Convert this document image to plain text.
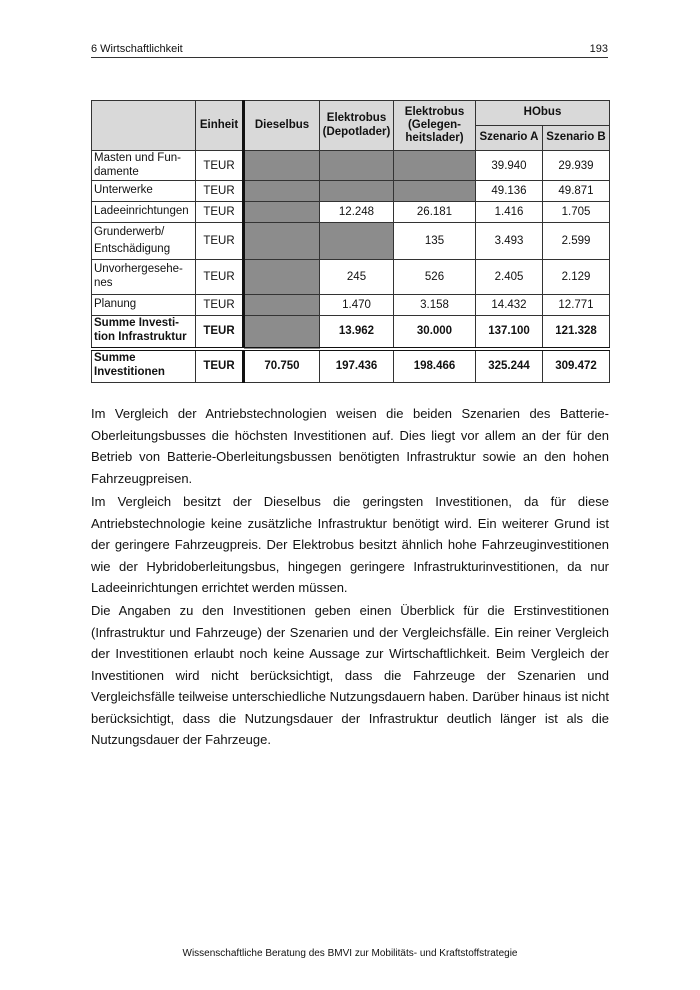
6 Wirtschaftlichkeit	193
	Einheit	Dieselbus	Elektrobus (Depotlader)	Elektrobus (Gelegen-heitslader)	HObus	
					Szenario A	Szenario B
Masten und Fun-damente	TEUR				39.940	29.939
Unterwerke	TEUR				49.136	49.871
Ladeeinrichtungen	TEUR		12.248	26.181	1.416	1.705
Grunderwerb/ Entschädigung	TEUR			135	3.493	2.599
Unvorhergesehe-nes	TEUR		245	526	2.405	2.129
Planung	TEUR		1.470	3.158	14.432	12.771
Summe Investi-tion Infrastruktur	TEUR		13.962	30.000	137.100	121.328
Summe Investitionen	TEUR	70.750	197.436	198.466	325.244	309.472

Im Vergleich der Antriebstechnologien weisen die beiden Szenarien des Batterie-Oberleitungsbusses die höchsten Investitionen auf. Dies liegt vor allem an der für den Betrieb von Batterie-Oberleitungsbussen benötigten Infrastruktur sowie an den hohen Fahrzeugpreisen.

Im Vergleich besitzt der Dieselbus die geringsten Investitionen, da für diese Antriebstechnologie keine zusätzliche Infrastruktur benötigt wird. Ein weiterer Grund ist der geringere Fahrzeugpreis. Der Elektrobus besitzt ähnlich hohe Fahrzeuginvestitionen wie der Hybridoberleitungsbus, hingegen geringere Infrastrukturinvestitionen, da nur Ladeeinrichtungen errichtet werden müssen.

Die Angaben zu den Investitionen geben einen Überblick für die Erstinvestitionen (Infrastruktur und Fahrzeuge) der Szenarien und der Vergleichsfälle. Ein reiner Vergleich der Investitionen erlaubt noch keine Aussage zur Wirtschaftlichkeit. Beim Vergleich der Investitionen wird nicht berücksichtigt, dass die Fahrzeuge der Szenarien und Vergleichsfälle teilweise unterschiedliche Nutzungsdauern haben. Darüber hinaus ist nicht berücksichtigt, dass die Nutzungsdauer der Infrastruktur deutlich länger ist als die Nutzungsdauer der Fahrzeuge.

Wissenschaftliche Beratung des BMVI zur Mobilitäts- und Kraftstoffstrategie
